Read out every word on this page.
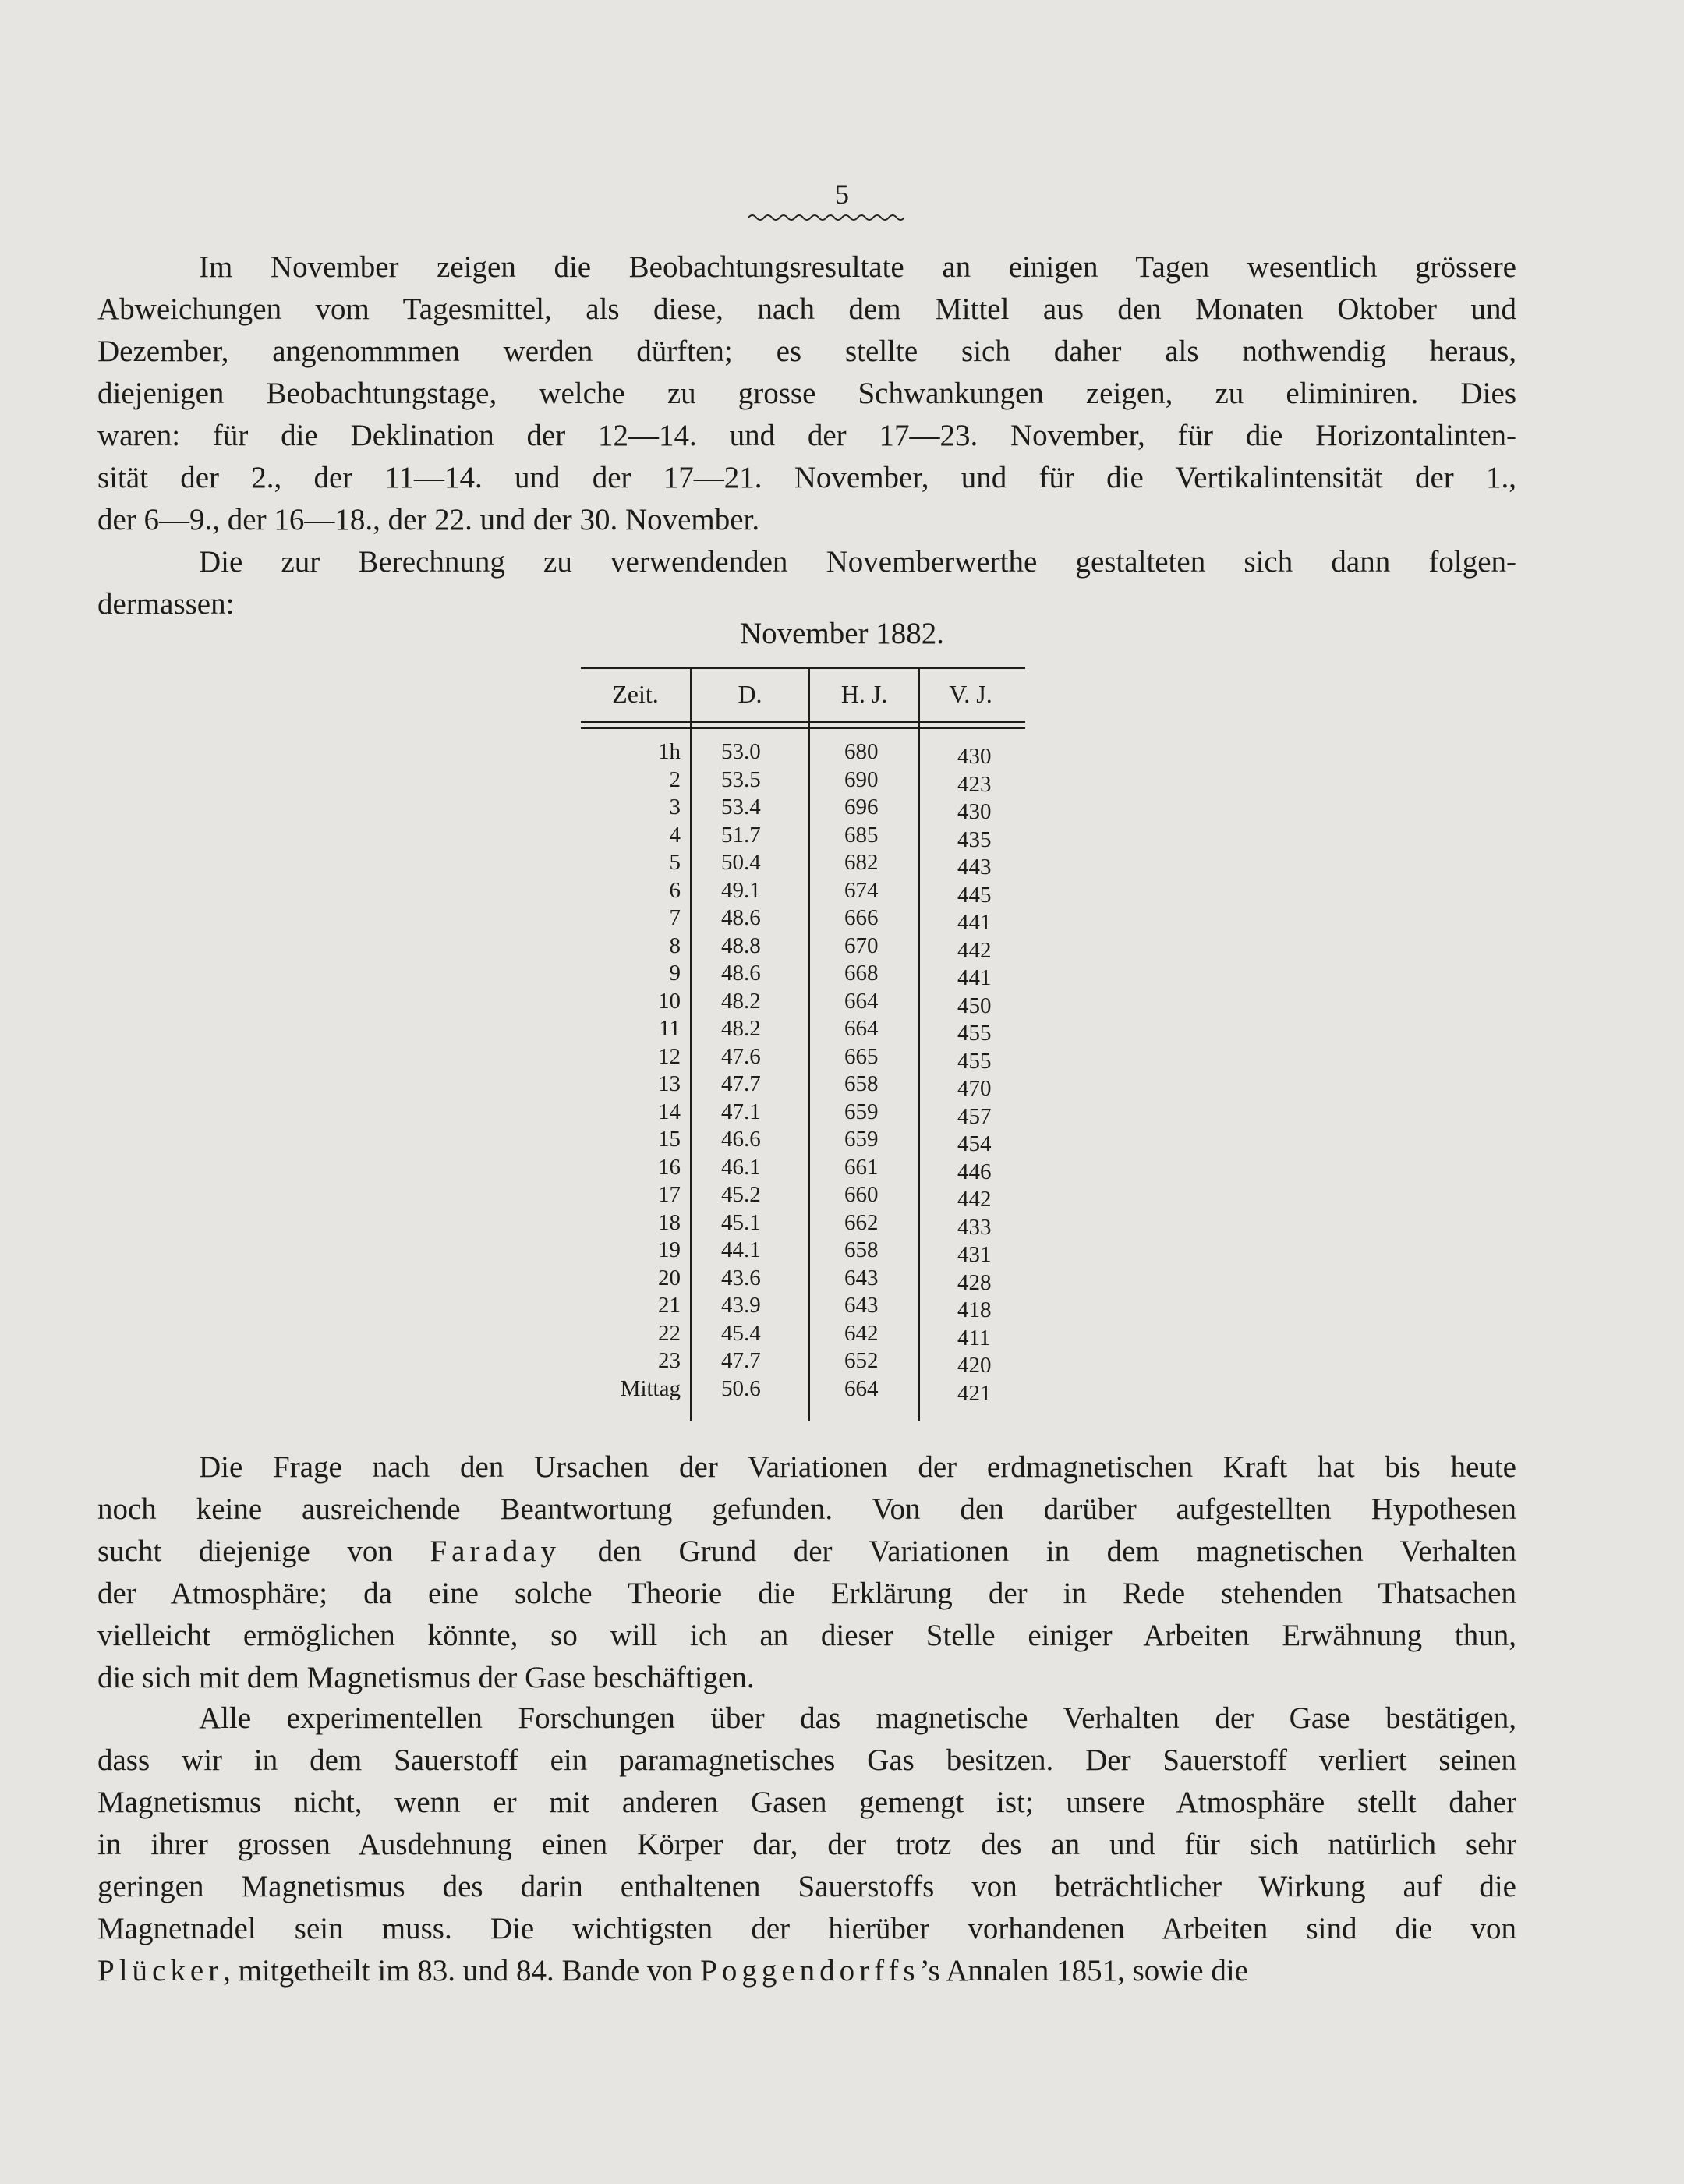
5
Im November zeigen die Beobachtungsresultate an einigen Tagen wesentlich grössere
Abweichungen vom Tagesmittel, als diese, nach dem Mittel aus den Monaten Oktober und
Dezember, angenommmen werden dürften; es stellte sich daher als nothwendig heraus,
diejenigen Beobachtungstage, welche zu grosse Schwankungen zeigen, zu eliminiren. Dies
waren: für die Deklination der 12—14. und der 17—23. November, für die Horizontalinten-
sität der 2., der 11—14. und der 17—21. November, und für die Vertikalintensität der 1.,
der 6—9., der 16—18., der 22. und der 30. November.
Die zur Berechnung zu verwendenden Novemberwerthe gestalteten sich dann folgen-
dermassen:
November 1882.
Zeit.	D.	H. J.	V. J.
1h 53.0	680	430
2 53.5	690	423
3 53.4	696	430
4 51.7	685	435
5 50.4	682	443
6 49.1	674	445
7 48.6	666	441
8 48.8	670	442
9 48.6	668	441
10 48.2	664	450
11 48.2	664	455
12 47.6	665	455
13 47.7	658	470
14 47.1	659	457
15 46.6	659	454
16 46.1	661	446
17 45.2	660	442
18 45.1	662	433
19 44.1	658	431
20 43.6	643	428
21 43.9	643	418
22 45.4	642	411
23 47.7	652	420
Mittag 50.6	664	421
Die Frage nach den Ursachen der Variationen der erdmagnetischen Kraft hat bis heute
noch keine ausreichende Beantwortung gefunden. Von den darüber aufgestellten Hypothesen
sucht diejenige von Faraday den Grund der Variationen in dem magnetischen Verhalten
der Atmosphäre; da eine solche Theorie die Erklärung der in Rede stehenden Thatsachen
vielleicht ermöglichen könnte, so will ich an dieser Stelle einiger Arbeiten Erwähnung thun,
die sich mit dem Magnetismus der Gase beschäftigen.
Alle experimentellen Forschungen über das magnetische Verhalten der Gase bestätigen,
dass wir in dem Sauerstoff ein paramagnetisches Gas besitzen. Der Sauerstoff verliert seinen
Magnetismus nicht, wenn er mit anderen Gasen gemengt ist; unsere Atmosphäre stellt daher
in ihrer grossen Ausdehnung einen Körper dar, der trotz des an und für sich natürlich sehr
geringen Magnetismus des darin enthaltenen Sauerstoffs von beträchtlicher Wirkung auf die
Magnetnadel sein muss. Die wichtigsten der hierüber vorhandenen Arbeiten sind die von
Plücker, mitgetheilt im 83. und 84. Bande von Poggendorffs’s Annalen 1851, sowie die
